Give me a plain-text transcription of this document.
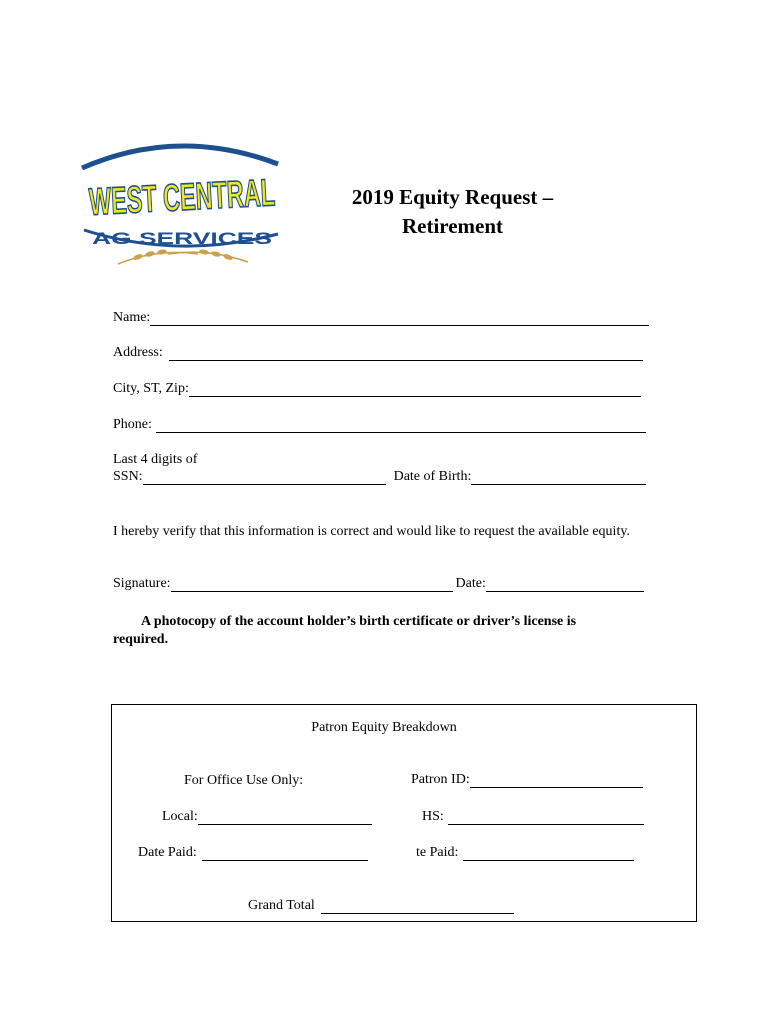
WEST CENTRAL
AG SERVICES
2019 Equity Request –
Retirement
Name:
Address:
City, ST, Zip:
Phone:
Last 4 digits of
SSN:	Date of Birth:
I hereby verify that this information is correct and would like to request the available equity.
Signature:	Date:
A photocopy of the account holder’s birth certificate or driver’s license is required.
Patron Equity Breakdown
For Office Use Only:	Patron ID:
Local:	HS:
Date Paid:	te Paid:
Grand Total
